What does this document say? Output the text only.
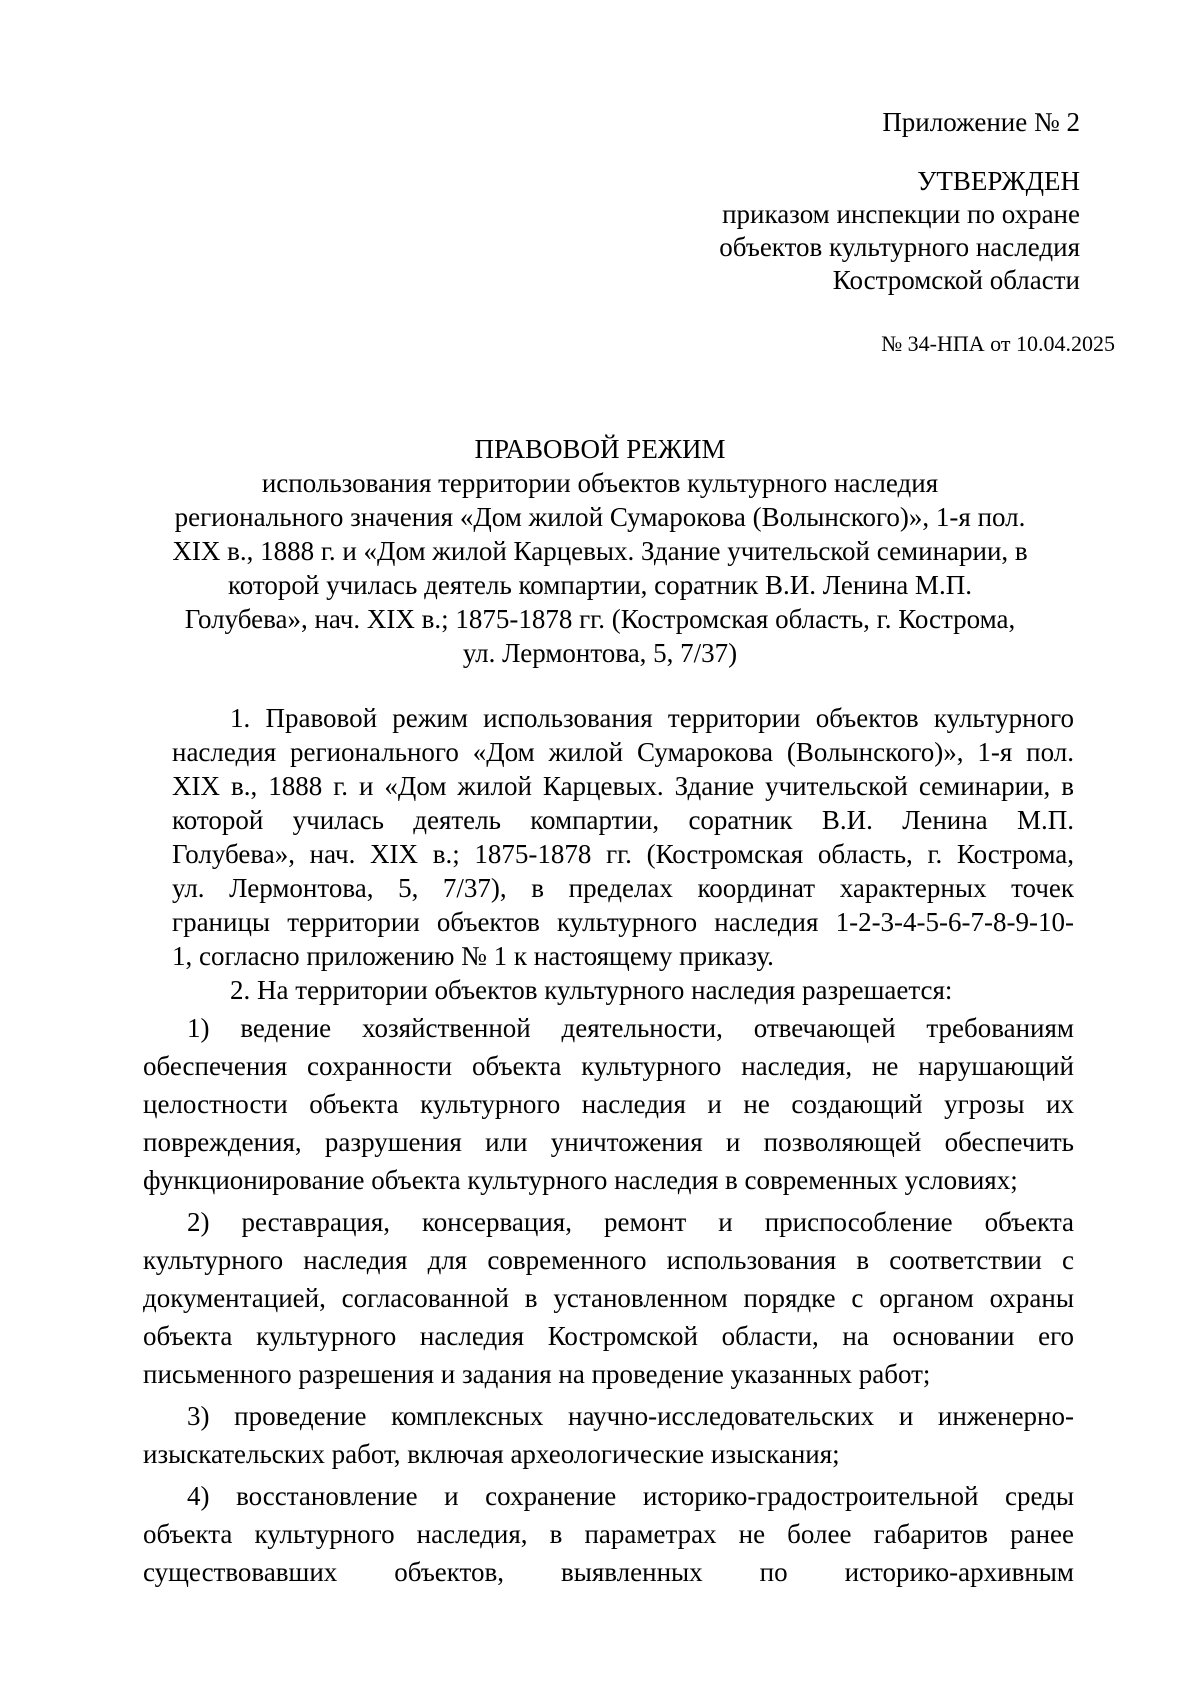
Приложение № 2
УТВЕРЖДЕН
приказом инспекции по охране
объектов культурного наследия
Костромской области
№ 34-НПА от 10.04.2025
ПРАВОВОЙ РЕЖИМ
использования территории объектов культурного наследия
регионального значения «Дом жилой Сумарокова (Волынского)», 1-я пол.
XIX в., 1888 г. и «Дом жилой Карцевых. Здание учительской семинарии, в
которой училась деятель компартии, соратник В.И. Ленина М.П.
Голубева», нач. XIX в.; 1875-1878 гг. (Костромская область, г. Кострома,
ул. Лермонтова, 5, 7/37)
1. Правовой режим использования территории объектов культурного
наследия регионального «Дом жилой Сумарокова (Волынского)», 1-я пол.
XIX в., 1888 г. и «Дом жилой Карцевых. Здание учительской семинарии, в
которой училась деятель компартии, соратник В.И. Ленина М.П.
Голубева», нач. XIX в.; 1875-1878 гг. (Костромская область, г. Кострома,
ул. Лермонтова, 5, 7/37), в пределах координат характерных точек
границы территории объектов культурного наследия 1-2-3-4-5-6-7-8-9-10-
1, согласно приложению № 1 к настоящему приказу.
2. На территории объектов культурного наследия разрешается:
1) ведение хозяйственной деятельности, отвечающей требованиям
обеспечения сохранности объекта культурного наследия, не нарушающий
целостности объекта культурного наследия и не создающий угрозы их
повреждения, разрушения или уничтожения и позволяющей обеспечить
функционирование объекта культурного наследия в современных условиях;
2) реставрация, консервация, ремонт и приспособление объекта
культурного наследия для современного использования в соответствии с
документацией, согласованной в установленном порядке с органом охраны
объекта культурного наследия Костромской области, на основании его
письменного разрешения и задания на проведение указанных работ;
3) проведение комплексных научно-исследовательских и инженерно-
изыскательских работ, включая археологические изыскания;
4) восстановление и сохранение историко-градостроительной среды
объекта культурного наследия, в параметрах не более габаритов ранее
существовавших объектов, выявленных по историко-архивным
